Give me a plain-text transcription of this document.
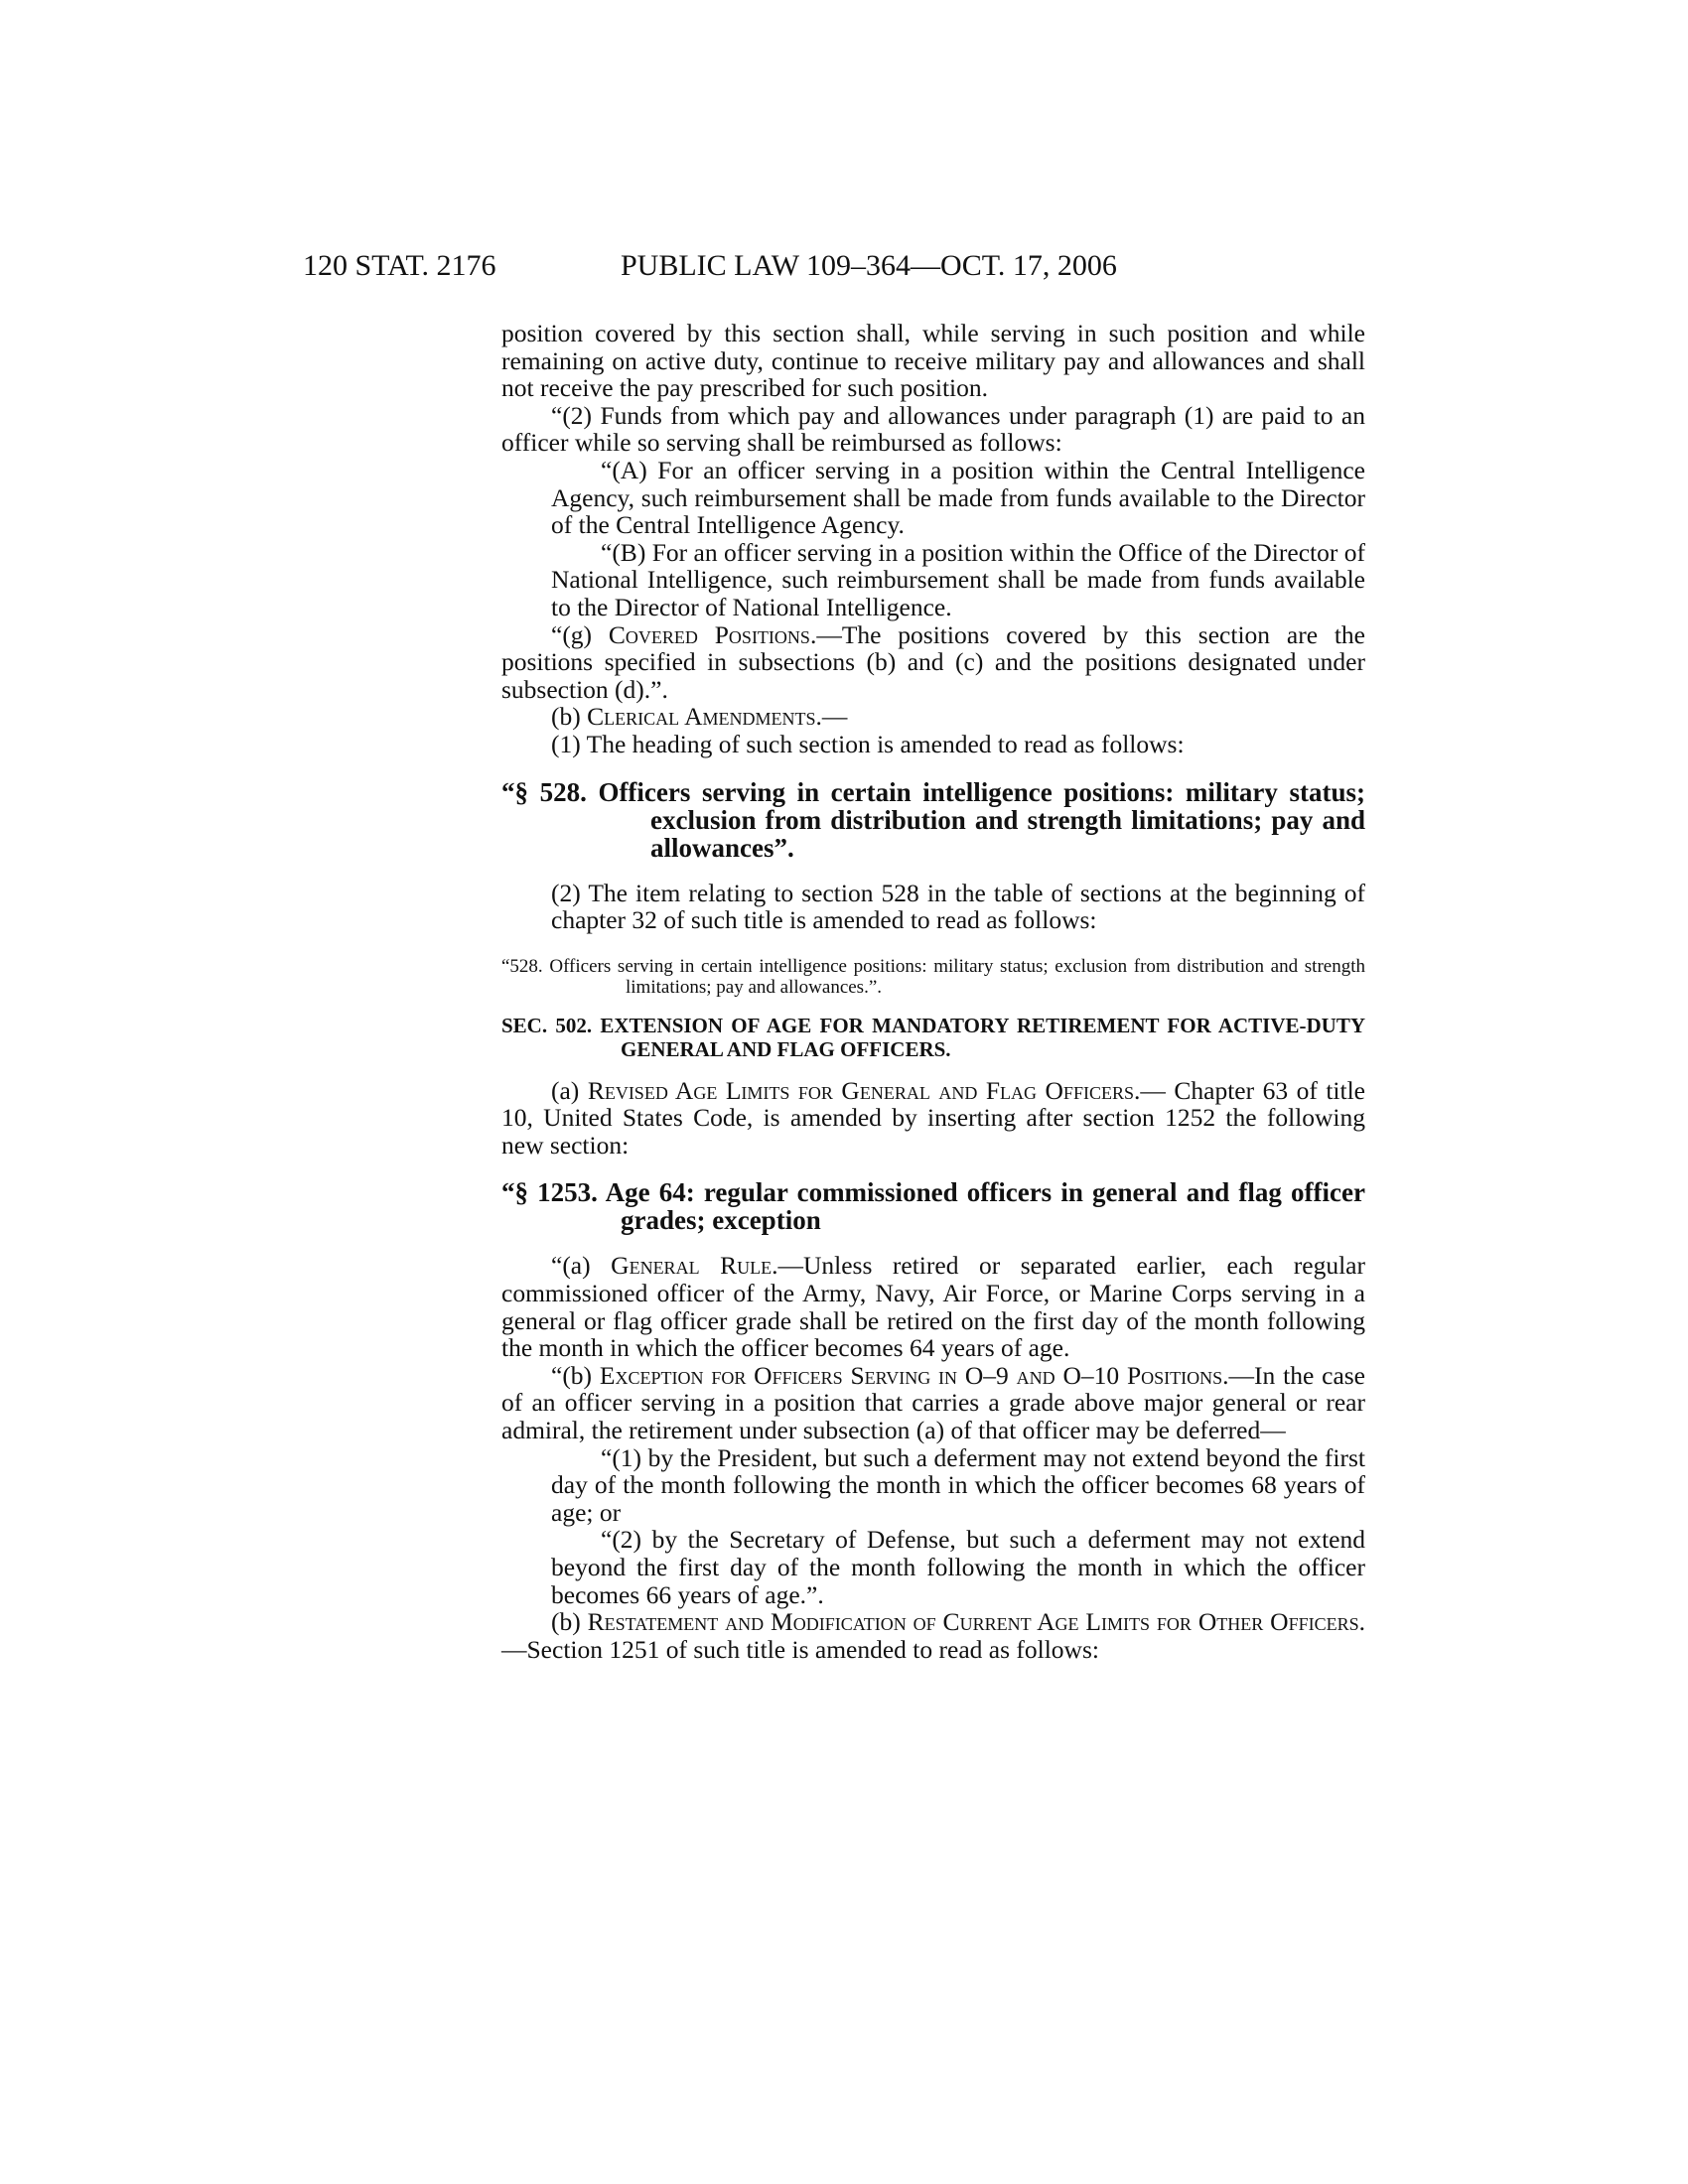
120 STAT. 2176	PUBLIC LAW 109–364—OCT. 17, 2006

position covered by this section shall, while serving in such position and while remaining on active duty, continue to receive military pay and allowances and shall not receive the pay prescribed for such position.

“(2) Funds from which pay and allowances under paragraph (1) are paid to an officer while so serving shall be reimbursed as follows:

“(A) For an officer serving in a position within the Central Intelligence Agency, such reimbursement shall be made from funds available to the Director of the Central Intelligence Agency.

“(B) For an officer serving in a position within the Office of the Director of National Intelligence, such reimbursement shall be made from funds available to the Director of National Intelligence.

“(g) Covered Positions.—The positions covered by this section are the positions specified in subsections (b) and (c) and the positions designated under subsection (d).”.

(b) Clerical Amendments.—

(1) The heading of such section is amended to read as follows:

“§ 528. Officers serving in certain intelligence positions: military status; exclusion from distribution and strength limitations; pay and allowances”.

(2) The item relating to section 528 in the table of sections at the beginning of chapter 32 of such title is amended to read as follows:

“528. Officers serving in certain intelligence positions: military status; exclusion from distribution and strength limitations; pay and allowances.”.

SEC. 502. EXTENSION OF AGE FOR MANDATORY RETIREMENT FOR ACTIVE-DUTY GENERAL AND FLAG OFFICERS.

(a) Revised Age Limits for General and Flag Officers.— Chapter 63 of title 10, United States Code, is amended by inserting after section 1252 the following new section:

“§ 1253. Age 64: regular commissioned officers in general and flag officer grades; exception

“(a) General Rule.—Unless retired or separated earlier, each regular commissioned officer of the Army, Navy, Air Force, or Marine Corps serving in a general or flag officer grade shall be retired on the first day of the month following the month in which the officer becomes 64 years of age.

“(b) Exception for Officers Serving in O–9 and O–10 Positions.—In the case of an officer serving in a position that carries a grade above major general or rear admiral, the retirement under subsection (a) of that officer may be deferred—

“(1) by the President, but such a deferment may not extend beyond the first day of the month following the month in which the officer becomes 68 years of age; or

“(2) by the Secretary of Defense, but such a deferment may not extend beyond the first day of the month following the month in which the officer becomes 66 years of age.”.

(b) Restatement and Modification of Current Age Limits for Other Officers.—Section 1251 of such title is amended to read as follows:
